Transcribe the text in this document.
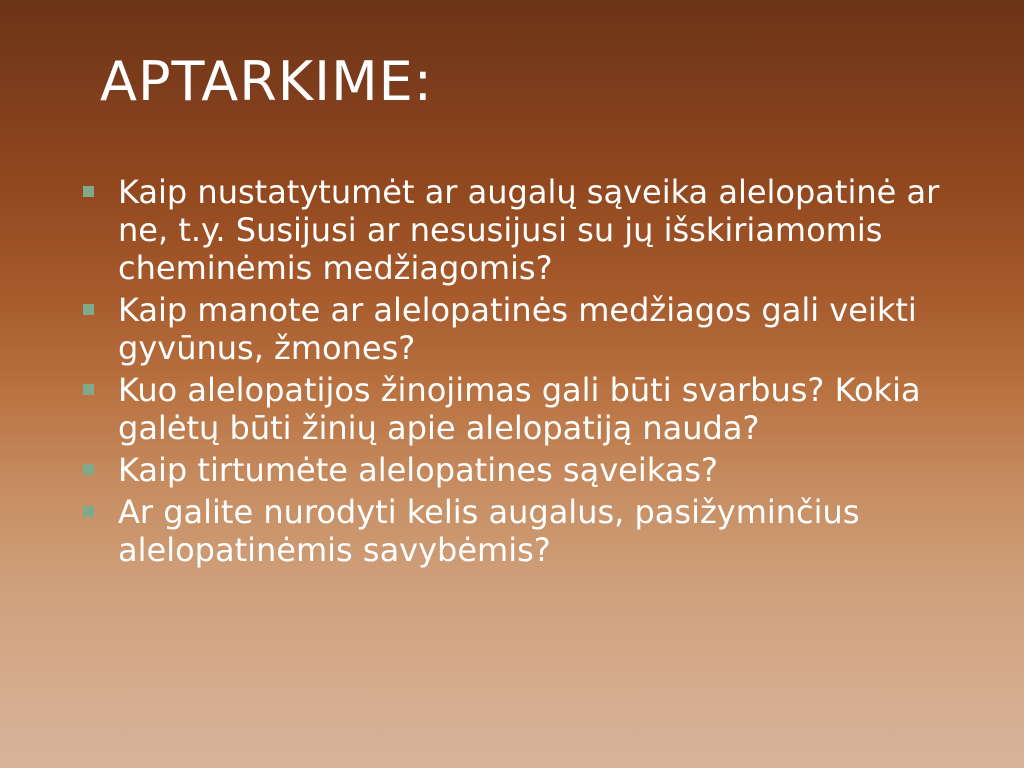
APTARKIME:
Kaip nustatytumėt ar augalų sąveika alelopatinė ar ne, t.y. Susijusi ar nesusijusi su jų išskiriamomis cheminėmis medžiagomis?
Kaip manote ar alelopatinės medžiagos gali veikti gyvūnus, žmones?
Kuo alelopatijos žinojimas gali būti svarbus? Kokia galėtų būti žinių apie alelopatiją nauda?
Kaip tirtumėte alelopatines sąveikas?
Ar galite nurodyti kelis augalus, pasižyminčius alelopatinėmis savybėmis?
